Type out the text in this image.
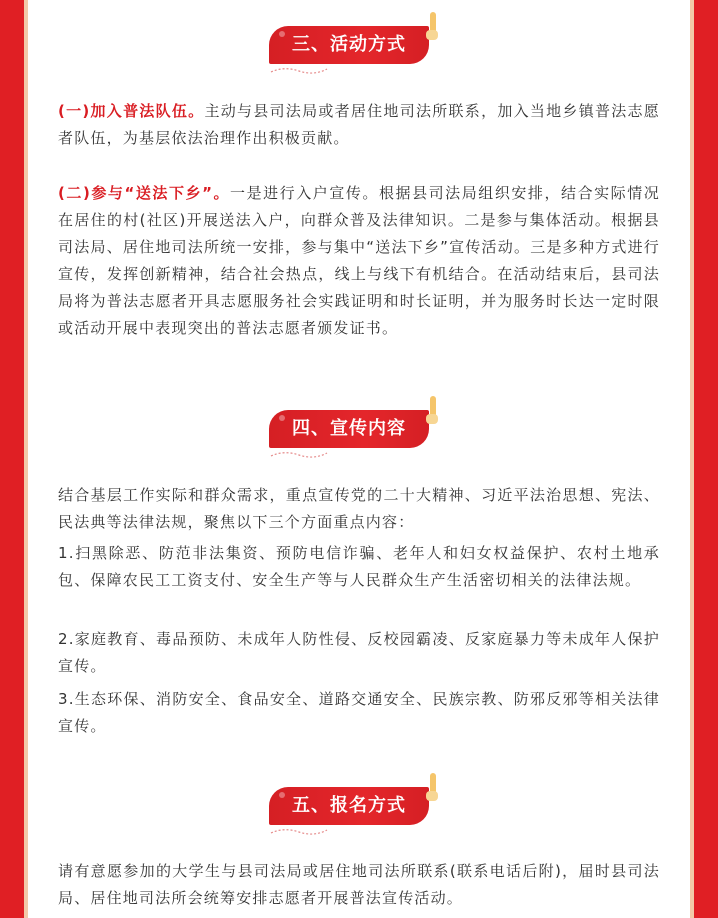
三、活动方式

(一)加入普法队伍。主动与县司法局或者居住地司法所联系，加入当地乡镇普法志愿者队伍，为基层依法治理作出积极贡献。

(二)参与“送法下乡”。一是进行入户宣传。根据县司法局组织安排，结合实际情况在居住的村(社区)开展送法入户，向群众普及法律知识。二是参与集体活动。根据县司法局、居住地司法所统一安排，参与集中“送法下乡”宣传活动。三是多种方式进行宣传，发挥创新精神，结合社会热点，线上与线下有机结合。在活动结束后，县司法局将为普法志愿者开具志愿服务社会实践证明和时长证明，并为服务时长达一定时限或活动开展中表现突出的普法志愿者颁发证书。

四、宣传内容

结合基层工作实际和群众需求，重点宣传党的二十大精神、习近平法治思想、宪法、民法典等法律法规，聚焦以下三个方面重点内容：

1.扫黑除恶、防范非法集资、预防电信诈骗、老年人和妇女权益保护、农村土地承包、保障农民工工资支付、安全生产等与人民群众生产生活密切相关的法律法规。

2.家庭教育、毒品预防、未成年人防性侵、反校园霸凌、反家庭暴力等未成年人保护宣传。

3.生态环保、消防安全、食品安全、道路交通安全、民族宗教、防邪反邪等相关法律宣传。

五、报名方式

请有意愿参加的大学生与县司法局或居住地司法所联系(联系电话后附)，届时县司法局、居住地司法所会统筹安排志愿者开展普法宣传活动。
